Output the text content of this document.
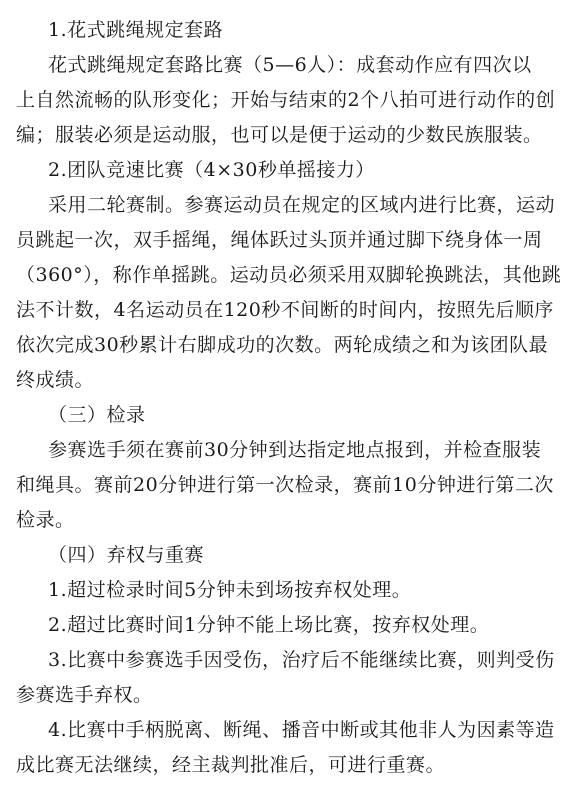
1.花式跳绳规定套路
花式跳绳规定套路比赛（5—6人）：成套动作应有四次以
上自然流畅的队形变化；开始与结束的2个八拍可进行动作的创
编；服装必须是运动服，也可以是便于运动的少数民族服装。
2.团队竞速比赛（4×30秒单摇接力）
采用二轮赛制。参赛运动员在规定的区域内进行比赛，运动
员跳起一次，双手摇绳，绳体跃过头顶并通过脚下绕身体一周
（360°），称作单摇跳。运动员必须采用双脚轮换跳法，其他跳
法不计数，4名运动员在120秒不间断的时间内，按照先后顺序
依次完成30秒累计右脚成功的次数。两轮成绩之和为该团队最
终成绩。
（三）检录
参赛选手须在赛前30分钟到达指定地点报到，并检查服装
和绳具。赛前20分钟进行第一次检录，赛前10分钟进行第二次
检录。
（四）弃权与重赛
1.超过检录时间5分钟未到场按弃权处理。
2.超过比赛时间1分钟不能上场比赛，按弃权处理。
3.比赛中参赛选手因受伤，治疗后不能继续比赛，则判受伤
参赛选手弃权。
4.比赛中手柄脱离、断绳、播音中断或其他非人为因素等造
成比赛无法继续，经主裁判批准后，可进行重赛。
